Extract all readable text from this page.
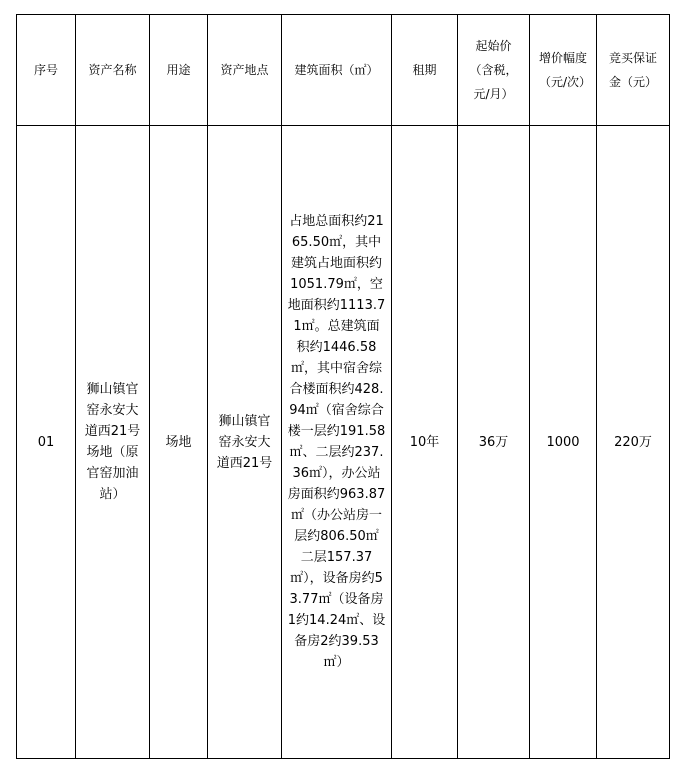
序号	资产名称	用途	资产地点	建筑面积（㎡）	租期	起始价（含税，元/月）	增价幅度（元/次）	竞买保证金（元）

01	狮山镇官窑永安大道西21号场地（原官窑加油站）	场地	狮山镇官窑永安大道西21号	占地总面积约2165.50㎡，其中建筑占地面积约1051.79㎡，空地面积约1113.71㎡。总建筑面积约1446.58㎡，其中宿舍综合楼面积约428.94㎡（宿舍综合楼一层约191.58㎡、二层约237.36㎡），办公站房面积约963.87㎡（办公站房一层约806.50㎡ 二层157.37㎡），设备房约53.77㎡（设备房1约14.24㎡、设备房2约39.53㎡）	10年	36万	1000	220万
